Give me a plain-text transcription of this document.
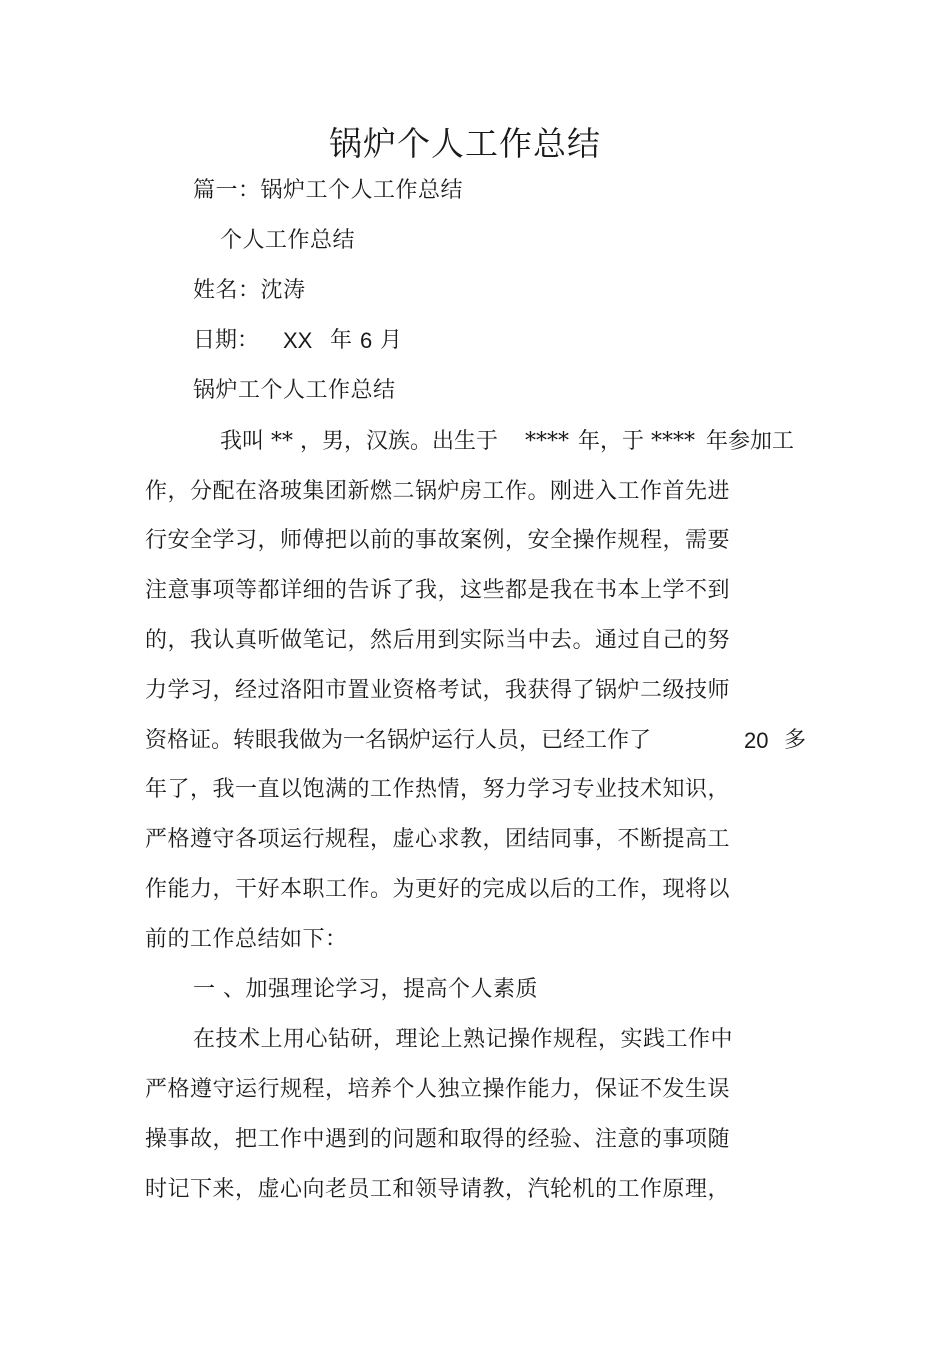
锅炉个人工作总结
篇一：锅炉工个人工作总结
个人工作总结
姓名：沈涛
日期： XX 年 6 月
锅炉工个人工作总结
我叫 ** ，男，汉族。出生于 **** 年，于 **** 年参加工
作，分配在洛玻集团新燃二锅炉房工作。刚进入工作首先进
行安全学习，师傅把以前的事故案例，安全操作规程，需要
注意事项等都详细的告诉了我，这些都是我在书本上学不到
的，我认真听做笔记，然后用到实际当中去。通过自己的努
力学习，经过洛阳市置业资格考试，我获得了锅炉二级技师
资格证。转眼我做为一名锅炉运行人员，已经工作了	20 多
年了，我一直以饱满的工作热情，努力学习专业技术知识，
严格遵守各项运行规程，虚心求教，团结同事，不断提高工
作能力，干好本职工作。为更好的完成以后的工作，现将以
前的工作总结如下：
一 、加强理论学习，提高个人素质
在技术上用心钻研，理论上熟记操作规程，实践工作中
严格遵守运行规程，培养个人独立操作能力，保证不发生误
操事故，把工作中遇到的问题和取得的经验、注意的事项随
时记下来，虚心向老员工和领导请教，汽轮机的工作原理，
